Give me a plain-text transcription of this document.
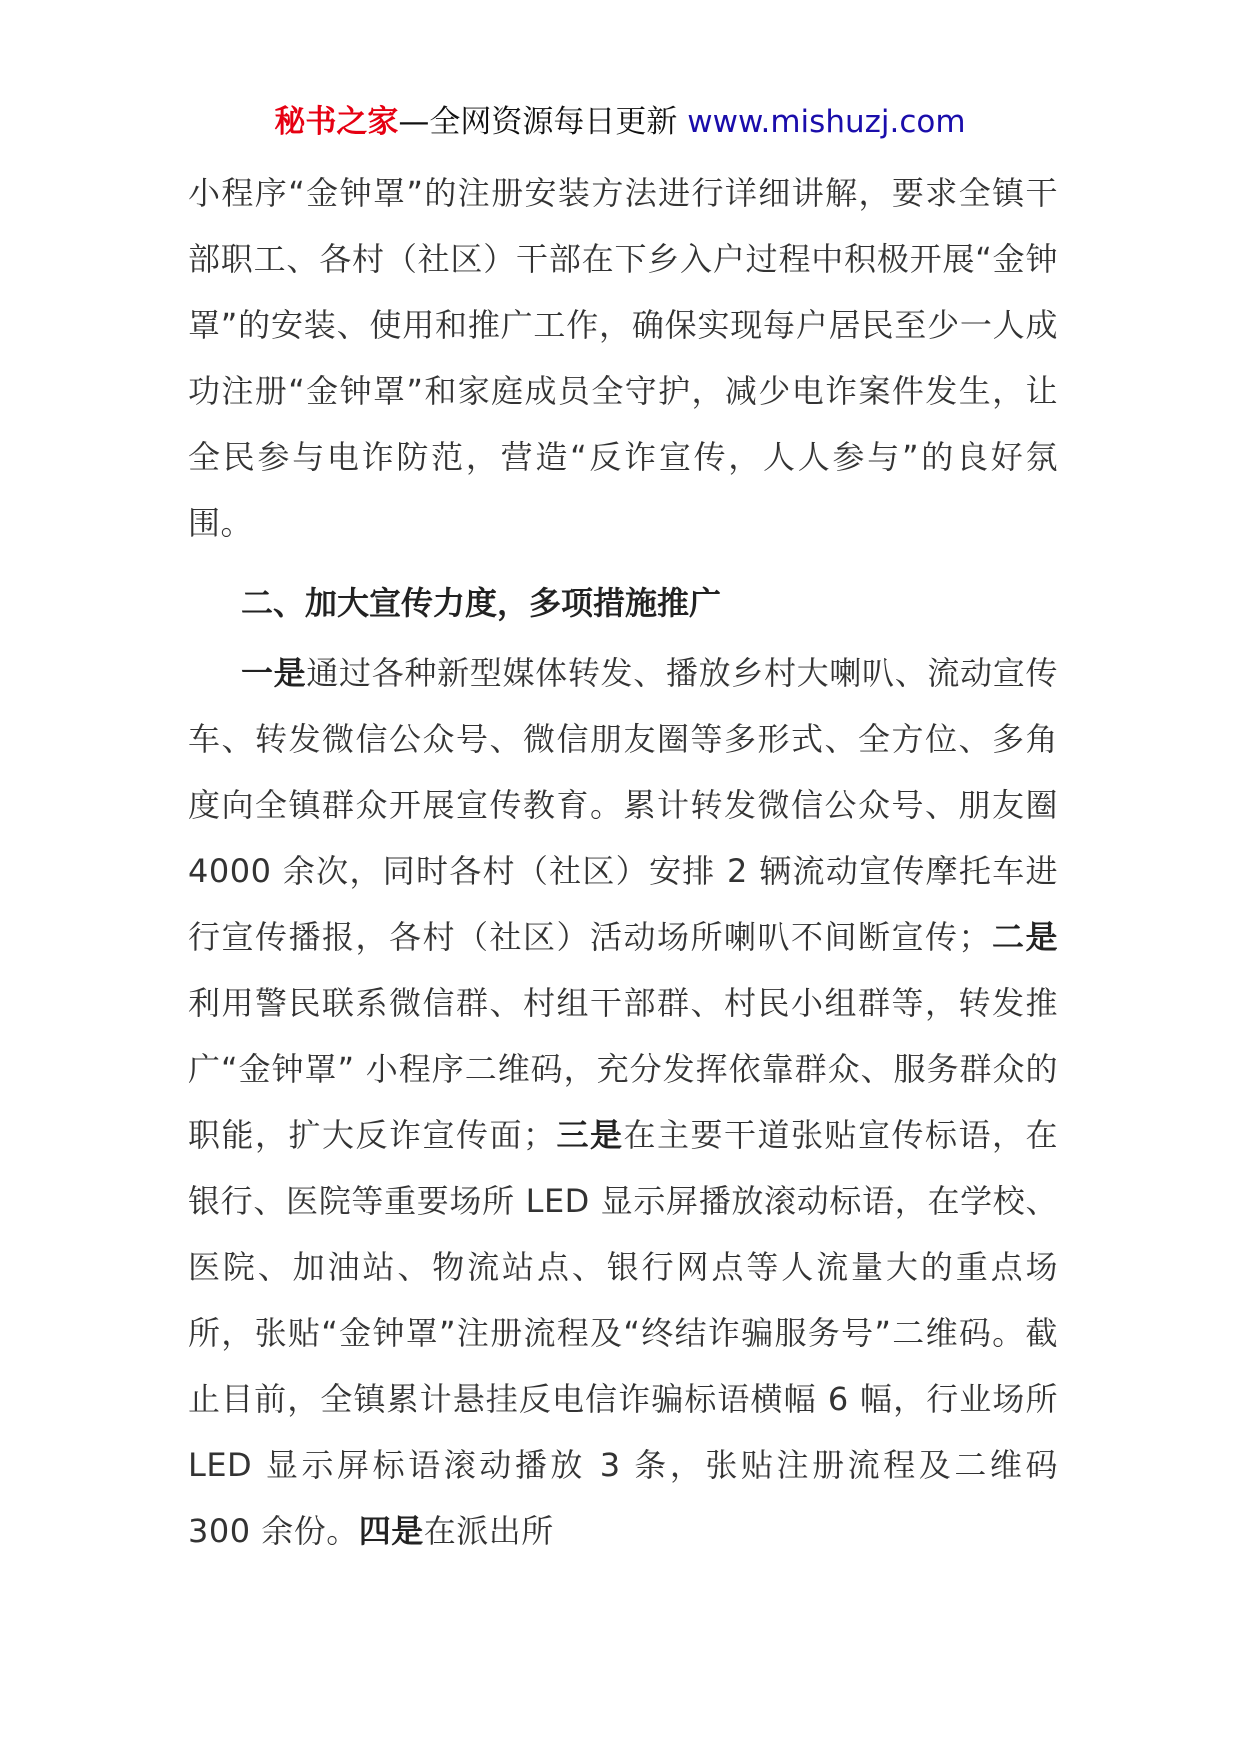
秘书之家—全网资源每日更新 www.mishuzj.com

小程序“金钟罩”的注册安装方法进行详细讲解，要求全镇干部职工、各村（社区）干部在下乡入户过程中积极开展“金钟罩”的安装、使用和推广工作，确保实现每户居民至少一人成功注册“金钟罩”和家庭成员全守护，减少电诈案件发生，让全民参与电诈防范，营造“反诈宣传，人人参与”的良好氛围。

二、加大宣传力度，多项措施推广

一是通过各种新型媒体转发、播放乡村大喇叭、流动宣传车、转发微信公众号、微信朋友圈等多形式、全方位、多角度向全镇群众开展宣传教育。累计转发微信公众号、朋友圈 4000 余次，同时各村（社区）安排 2 辆流动宣传摩托车进行宣传播报，各村（社区）活动场所喇叭不间断宣传；二是利用警民联系微信群、村组干部群、村民小组群等，转发推广“金钟罩” 小程序二维码，充分发挥依靠群众、服务群众的职能，扩大反诈宣传面；三是在主要干道张贴宣传标语，在银行、医院等重要场所 LED 显示屏播放滚动标语，在学校、医院、加油站、物流站点、银行网点等人流量大的重点场所，张贴“金钟罩”注册流程及“终结诈骗服务号”二维码。截止目前，全镇累计悬挂反电信诈骗标语横幅 6 幅，行业场所 LED 显示屏标语滚动播放 3 条，张贴注册流程及二维码 300 余份。四是在派出所
